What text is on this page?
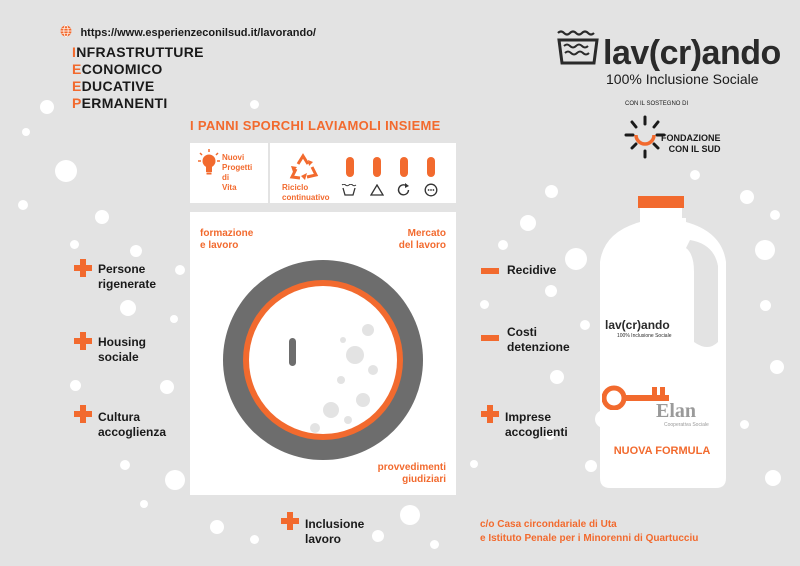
https://www.esperienzeconilsud.it/lavorando/
INFRASTRUTTURE
ECONOMICO
EDUCATIVE
PERMANENTI
I PANNI SPORCHI LAVIAMOLI INSIEME
lav(cr)ando
100% Inclusione Sociale
CON IL SOSTEGNO DI
FONDAZIONE
CON IL SUD
Nuovi
Progetti
di
Vita	Riciclo
continuativo
formazione
e lavoro
Mercato
del lavoro
provvedimenti
giudiziari
Persone
rigenerate
Housing
sociale
Cultura
accoglienza
Inclusione
lavoro
Recidive
Costi
detenzione
Imprese
accoglienti
lav(cr)ando
100% Inclusione Sociale
Elan
Cooperativa Sociale
NUOVA FORMULA
c/o Casa circondariale di Uta
e Istituto Penale per i Minorenni di Quartucciu
